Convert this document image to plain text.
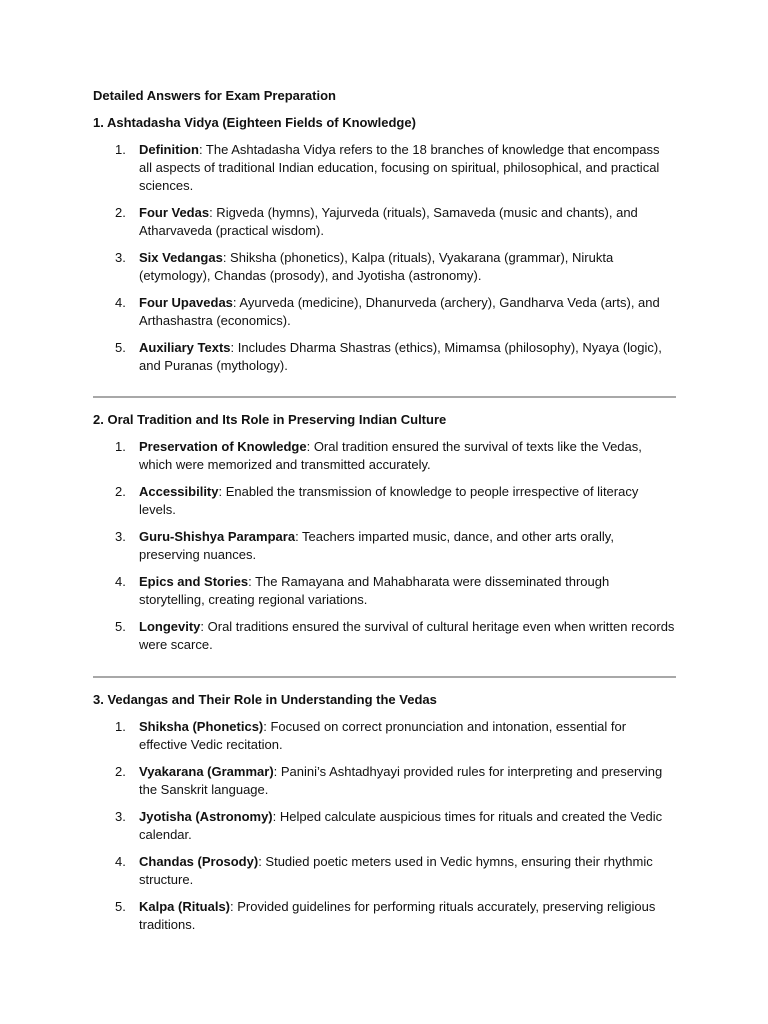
Detailed Answers for Exam Preparation
1. Ashtadasha Vidya (Eighteen Fields of Knowledge)
1.	Definition: The Ashtadasha Vidya refers to the 18 branches of knowledge that encompass all aspects of traditional Indian education, focusing on spiritual, philosophical, and practical sciences.
2.	Four Vedas: Rigveda (hymns), Yajurveda (rituals), Samaveda (music and chants), and Atharvaveda (practical wisdom).
3.	Six Vedangas: Shiksha (phonetics), Kalpa (rituals), Vyakarana (grammar), Nirukta (etymology), Chandas (prosody), and Jyotisha (astronomy).
4.	Four Upavedas: Ayurveda (medicine), Dhanurveda (archery), Gandharva Veda (arts), and Arthashastra (economics).
5.	Auxiliary Texts: Includes Dharma Shastras (ethics), Mimamsa (philosophy), Nyaya (logic), and Puranas (mythology).
2. Oral Tradition and Its Role in Preserving Indian Culture
1.	Preservation of Knowledge: Oral tradition ensured the survival of texts like the Vedas, which were memorized and transmitted accurately.
2.	Accessibility: Enabled the transmission of knowledge to people irrespective of literacy levels.
3.	Guru-Shishya Parampara: Teachers imparted music, dance, and other arts orally, preserving nuances.
4.	Epics and Stories: The Ramayana and Mahabharata were disseminated through storytelling, creating regional variations.
5.	Longevity: Oral traditions ensured the survival of cultural heritage even when written records were scarce.
3. Vedangas and Their Role in Understanding the Vedas
1.	Shiksha (Phonetics): Focused on correct pronunciation and intonation, essential for effective Vedic recitation.
2.	Vyakarana (Grammar): Panini’s Ashtadhyayi provided rules for interpreting and preserving the Sanskrit language.
3.	Jyotisha (Astronomy): Helped calculate auspicious times for rituals and created the Vedic calendar.
4.	Chandas (Prosody): Studied poetic meters used in Vedic hymns, ensuring their rhythmic structure.
5.	Kalpa (Rituals): Provided guidelines for performing rituals accurately, preserving religious traditions.
